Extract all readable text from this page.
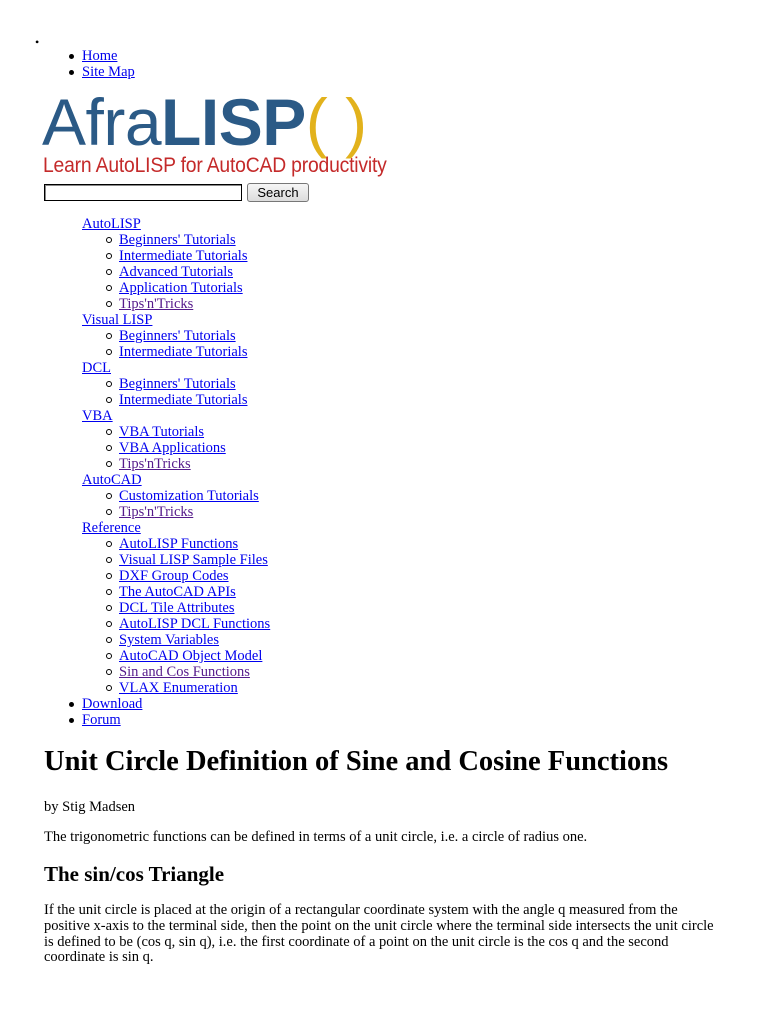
•
Home
Site Map
AfraLISP( )
Learn AutoLISP for AutoCAD productivity
Search
AutoLISP
Beginners' Tutorials
Intermediate Tutorials
Advanced Tutorials
Application Tutorials
Tips'n'Tricks
Visual LISP
Beginners' Tutorials
Intermediate Tutorials
DCL
Beginners' Tutorials
Intermediate Tutorials
VBA
VBA Tutorials
VBA Applications
Tips'nTricks
AutoCAD
Customization Tutorials
Tips'n'Tricks
Reference
AutoLISP Functions
Visual LISP Sample Files
DXF Group Codes
The AutoCAD APIs
DCL Tile Attributes
AutoLISP DCL Functions
System Variables
AutoCAD Object Model
Sin and Cos Functions
VLAX Enumeration
Download
Forum
Unit Circle Definition of Sine and Cosine Functions

by Stig Madsen

The trigonometric functions can be defined in terms of a unit circle, i.e. a circle of radius one.

The sin/cos Triangle

If the unit circle is placed at the origin of a rectangular coordinate system with the angle q measured from the positive x-axis to the terminal side, then the point on the unit circle where the terminal side intersects the unit circle is defined to be (cos q, sin q), i.e. the first coordinate of a point on the unit circle is the cos q and the second coordinate is sin q.
